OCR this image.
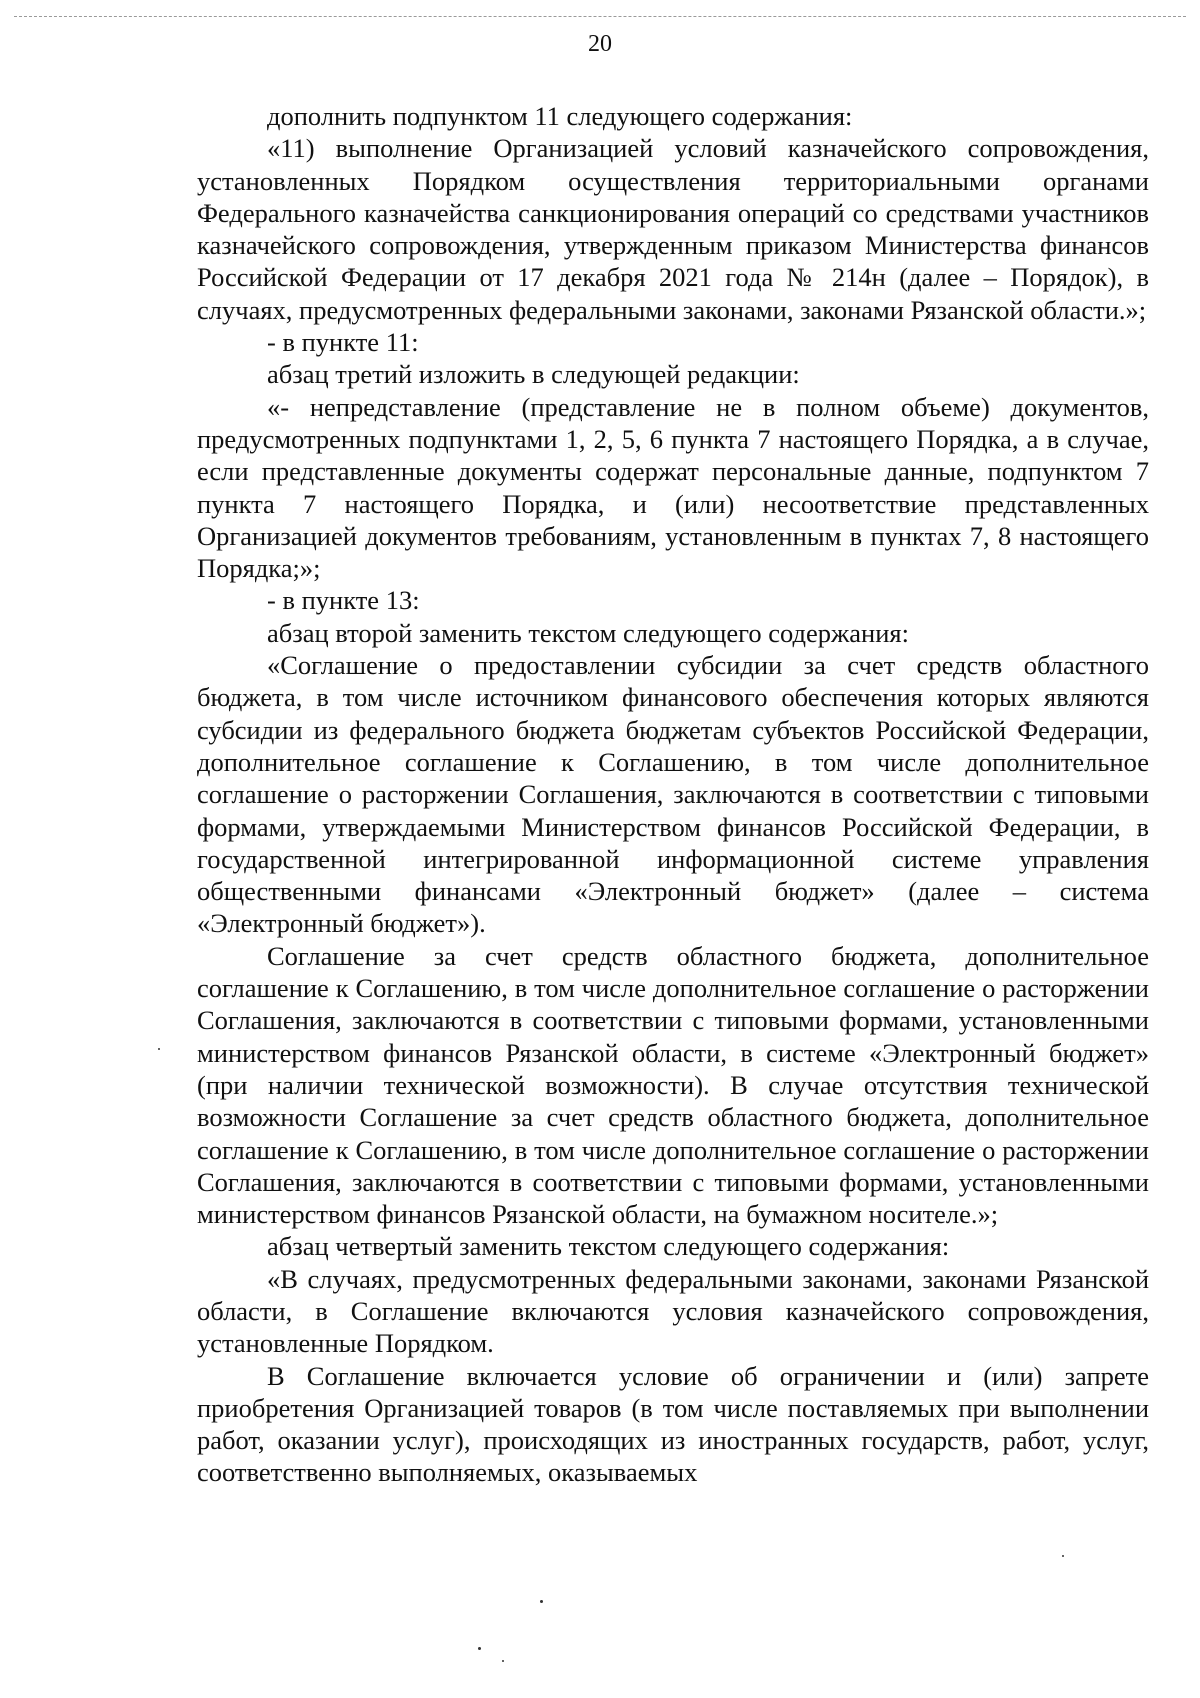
20

дополнить подпунктом 11 следующего содержания:

«11) выполнение Организацией условий казначейского сопровождения, установленных Порядком осуществления территориальными органами Федерального казначейства санкционирования операций со средствами участников казначейского сопровождения, утвержденным приказом Министерства финансов Российской Федерации от 17 декабря 2021 года № 214н (далее – Порядок), в случаях, предусмотренных федеральными законами, законами Рязанской области.»;

- в пункте 11:

абзац третий изложить в следующей редакции:

«- непредставление (представление не в полном объеме) документов, предусмотренных подпунктами 1, 2, 5, 6 пункта 7 настоящего Порядка, а в случае, если представленные документы содержат персональные данные, подпунктом 7 пункта 7 настоящего Порядка, и (или) несоответствие представленных Организацией документов требованиям, установленным в пунктах 7, 8 настоящего Порядка;»;

- в пункте 13:

абзац второй заменить текстом следующего содержания:

«Соглашение о предоставлении субсидии за счет средств областного бюджета, в том числе источником финансового обеспечения которых являются субсидии из федерального бюджета бюджетам субъектов Российской Федерации, дополнительное соглашение к Соглашению, в том числе дополнительное соглашение о расторжении Соглашения, заключаются в соответствии с типовыми формами, утверждаемыми Министерством финансов Российской Федерации, в государственной интегрированной информационной системе управления общественными финансами «Электронный бюджет» (далее – система «Электронный бюджет»).

Соглашение за счет средств областного бюджета, дополнительное соглашение к Соглашению, в том числе дополнительное соглашение о расторжении Соглашения, заключаются в соответствии с типовыми формами, установленными министерством финансов Рязанской области, в системе «Электронный бюджет» (при наличии технической возможности). В случае отсутствия технической возможности Соглашение за счет средств областного бюджета, дополнительное соглашение к Соглашению, в том числе дополнительное соглашение о расторжении Соглашения, заключаются в соответствии с типовыми формами, установленными министерством финансов Рязанской области, на бумажном носителе.»;

абзац четвертый заменить текстом следующего содержания:

«В случаях, предусмотренных федеральными законами, законами Рязанской области, в Соглашение включаются условия казначейского сопровождения, установленные Порядком.

В Соглашение включается условие об ограничении и (или) запрете приобретения Организацией товаров (в том числе поставляемых при выполнении работ, оказании услуг), происходящих из иностранных государств, работ, услуг, соответственно выполняемых, оказываемых
